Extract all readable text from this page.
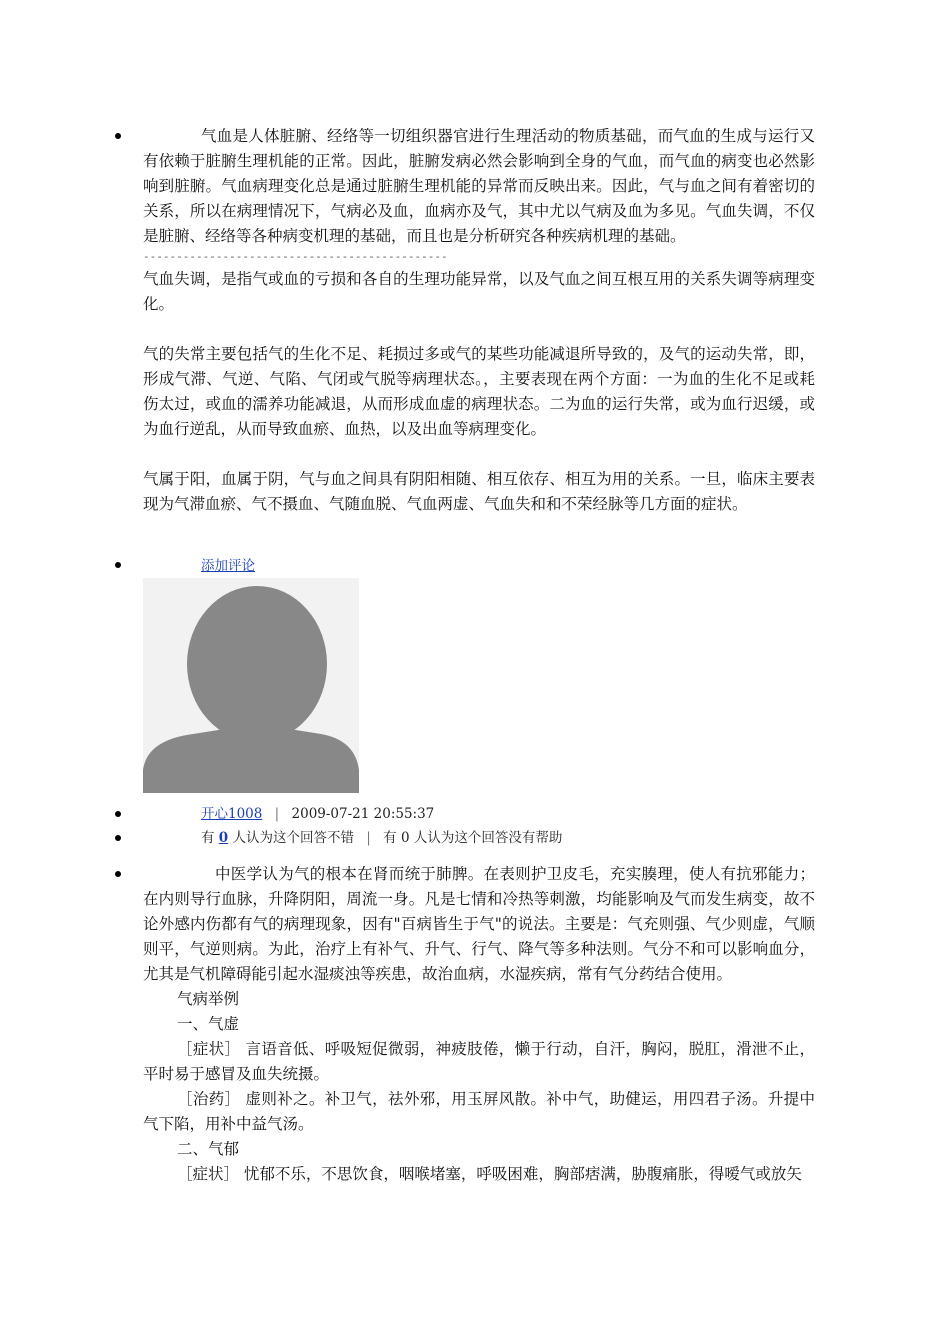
气血是人体脏腑、经络等一切组织器官进行生理活动的物质基础，而气血的生成与运行又有依赖于脏腑生理机能的正常。因此，脏腑发病必然会影响到全身的气血，而气血的病变也必然影响到脏腑。气血病理变化总是通过脏腑生理机能的异常而反映出来。因此，气与血之间有着密切的关系，所以在病理情况下，气病必及血，血病亦及气，其中尤以气病及血为多见。气血失调，不仅是脏腑、经络等各种病变机理的基础，而且也是分析研究各种疾病机理的基础。

----------------------------------------------

气血失调，是指气或血的亏损和各自的生理功能异常，以及气血之间互根互用的关系失调等病理变化。

气的失常主要包括气的生化不足、耗损过多或气的某些功能减退所导致的，及气的运动失常，即，形成气滞、气逆、气陷、气闭或气脱等病理状态。，主要表现在两个方面：一为血的生化不足或耗伤太过，或血的濡养功能减退，从而形成血虚的病理状态。二为血的运行失常，或为血行迟缓，或为血行逆乱，从而导致血瘀、血热，以及出血等病理变化。

气属于阳，血属于阴，气与血之间具有阴阳相随、相互依存、相互为用的关系。一旦，临床主要表现为气滞血瘀、气不摄血、气随血脱、气血两虚、气血失和和不荣经脉等几方面的症状。

添加评论
开心1008 | 2009-07-21 20:55:37
有 0 人认为这个回答不错 | 有 0 人认为这个回答没有帮助

中医学认为气的根本在肾而统于肺脾。在表则护卫皮毛，充实腠理，使人有抗邪能力；在内则导行血脉，升降阴阳，周流一身。凡是七情和冷热等刺激，均能影响及气而发生病变，故不论外感内伤都有气的病理现象，因有"百病皆生于气"的说法。主要是：气充则强、气少则虚，气顺则平，气逆则病。为此，治疗上有补气、升气、行气、降气等多种法则。气分不和可以影响血分，尤其是气机障碍能引起水湿痰浊等疾患，故治血病，水湿疾病，常有气分药结合使用。

气病举例

一、气虚

［症状］ 言语音低、呼吸短促微弱，神疲肢倦，懒于行动，自汗，胸闷，脱肛，滑泄不止，平时易于感冒及血失统摄。

［治药］ 虚则补之。补卫气，祛外邪，用玉屏风散。补中气，助健运，用四君子汤。升提中气下陷，用补中益气汤。

二、气郁

［症状］ 忧郁不乐，不思饮食，咽喉堵塞，呼吸困难，胸部痞满，胁腹痛胀，得嗳气或放矢
